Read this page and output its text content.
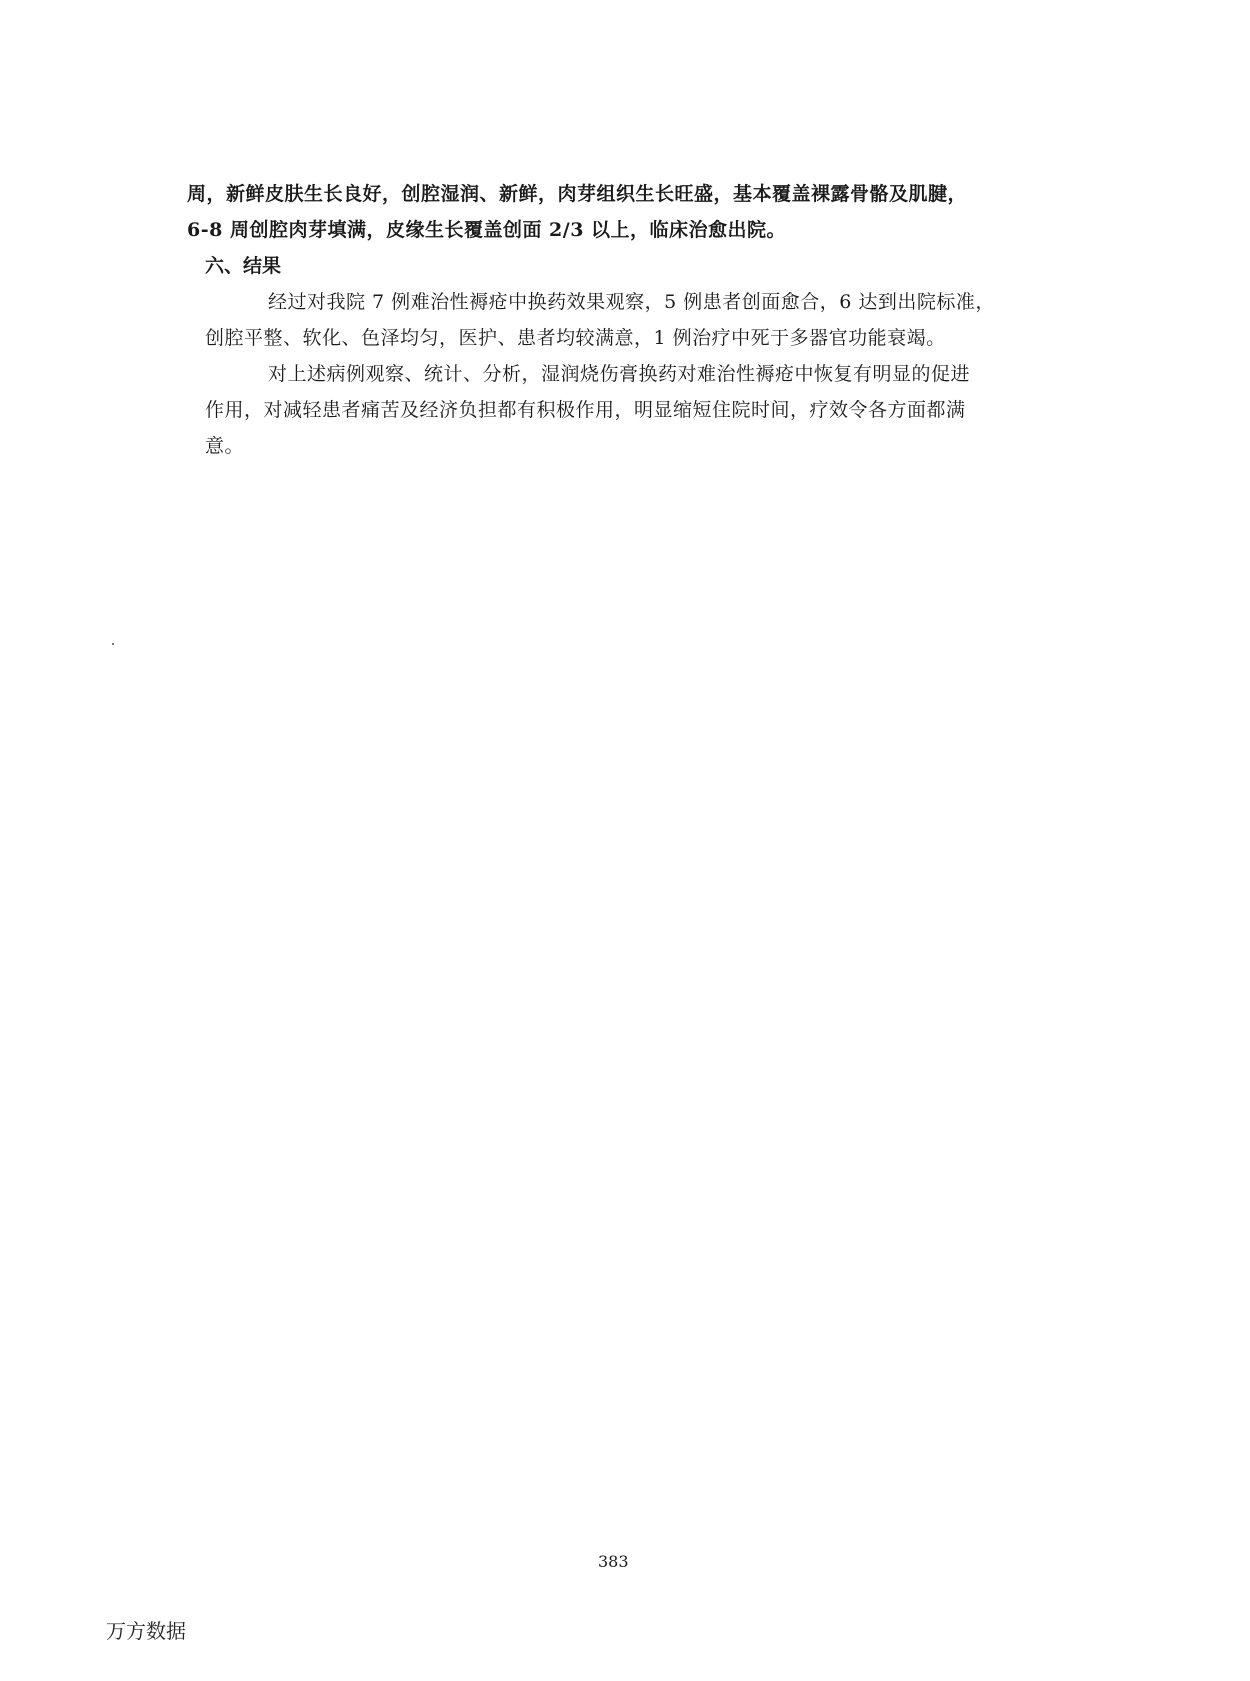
周，新鲜皮肤生长良好，创腔湿润、新鲜，肉芽组织生长旺盛，基本覆盖裸露骨骼及肌腱，
6-8 周创腔肉芽填满，皮缘生长覆盖创面 2/3 以上，临床治愈出院。
六、结果
经过对我院 7 例难治性褥疮中换药效果观察，5 例患者创面愈合，6 达到出院标准，
创腔平整、软化、色泽均匀，医护、患者均较满意，1 例治疗中死于多器官功能衰竭。
对上述病例观察、统计、分析，湿润烧伤膏换药对难治性褥疮中恢复有明显的促进
作用，对减轻患者痛苦及经济负担都有积极作用，明显缩短住院时间，疗效令各方面都满
意。
383
万方数据
